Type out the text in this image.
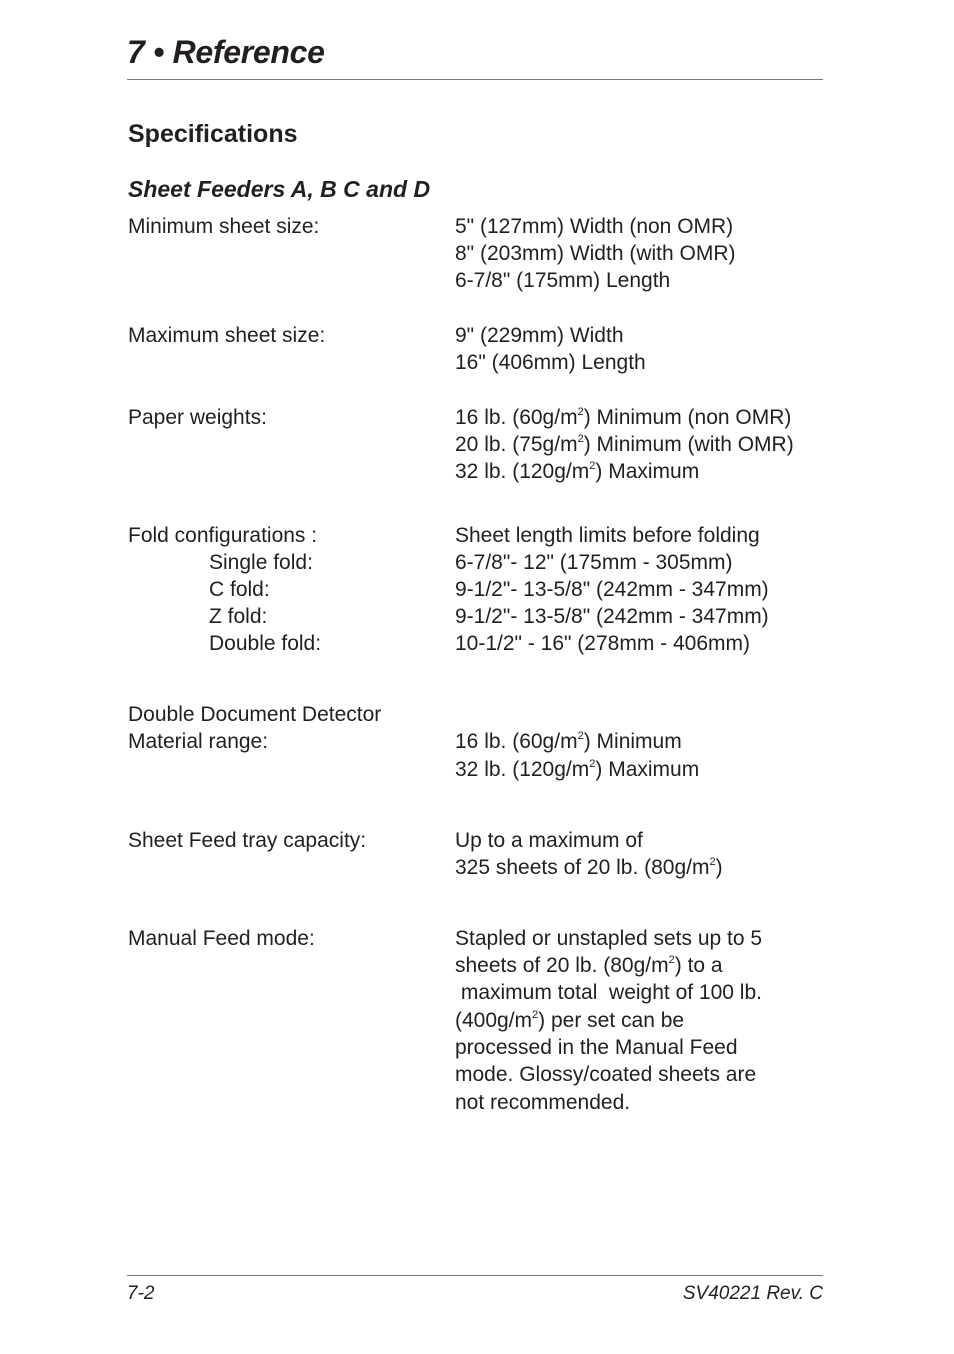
7 • Reference
Specifications
Sheet Feeders A, B C and D
Minimum sheet size:	5" (127mm) Width (non OMR)
8" (203mm) Width (with OMR)
6-7/8" (175mm) Length
Maximum sheet size:	9" (229mm) Width
16" (406mm) Length
Paper weights:	16 lb. $(60g/m^2)$ Minimum (non OMR)
20 lb. $(75g/m^2)$ Minimum (with OMR)
32 lb. $(120g/m^2)$ Maximum
Fold configurations :	Sheet length limits before folding
Single fold:	6-7/8"- 12" (175mm - 305mm)
C fold:	9-1/2"- 13-5/8" (242mm - 347mm)
Z fold:	9-1/2"- 13-5/8" (242mm - 347mm)
Double fold:	10-1/2" - 16" (278mm - 406mm)
Double Document Detector
Material range:	16 lb. $(60g/m^2)$ Minimum
32 lb. $(120g/m^2)$ Maximum
Sheet Feed tray capacity:	Up to a maximum of
325 sheets of 20 lb. $(80g/m^2)$
Manual Feed mode:	Stapled or unstapled sets up to 5
sheets of 20 lb. $(80g/m^2)$ to a
maximum total  weight of 100 lb.
$(400g/m^2)$ per set can be
processed in the Manual Feed
mode. Glossy/coated sheets are
not recommended.
7-2	SV40221 Rev. C
